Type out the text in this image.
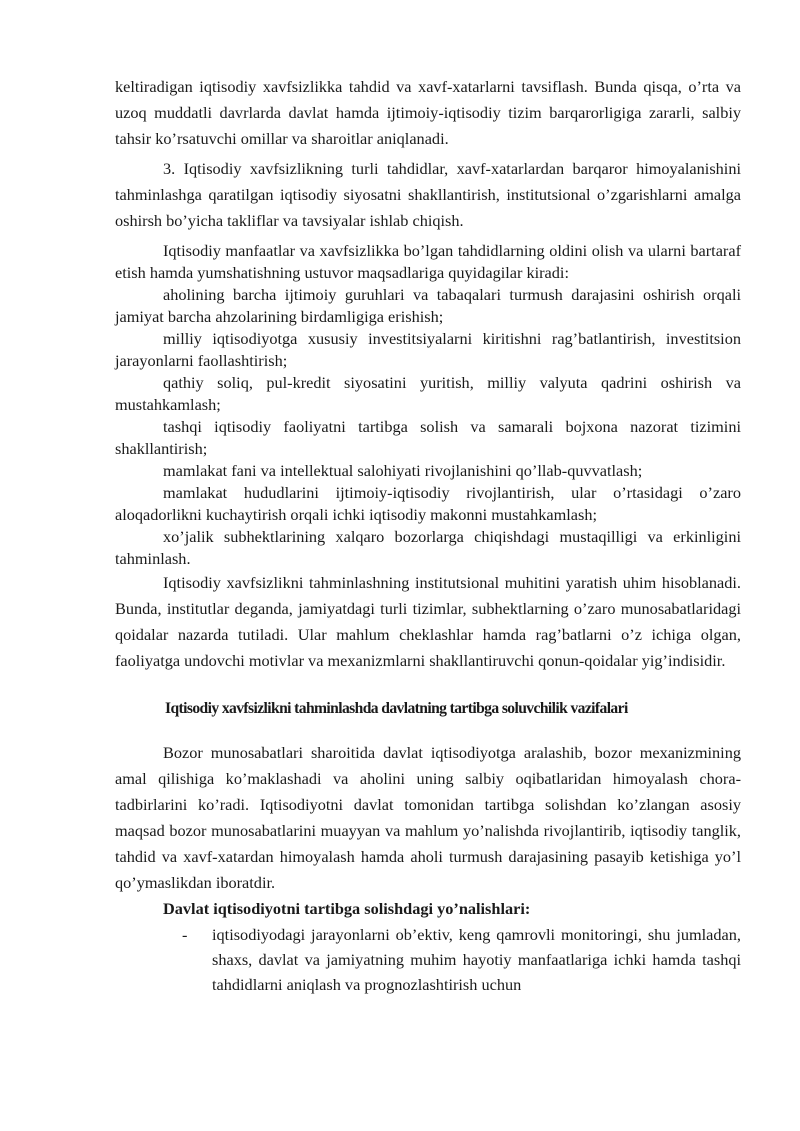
keltiradigan iqtisodiy xavfsizlikka tahdid va xavf-xatarlarni tavsiflash. Bunda qisqa, o’rta va uzoq muddatli davrlarda davlat hamda ijtimoiy-iqtisodiy tizim barqarorligiga zararli, salbiy tahsir ko’rsatuvchi omillar va sharoitlar aniqlanadi.

3. Iqtisodiy xavfsizlikning turli tahdidlar, xavf-xatarlardan barqaror himoyalanishini tahminlashga qaratilgan iqtisodiy siyosatni shakllantirish, institutsional o’zgarishlarni amalga oshirsh bo’yicha takliflar va tavsiyalar ishlab chiqish.

Iqtisodiy manfaatlar va xavfsizlikka bo’lgan tahdidlarning oldini olish va ularni bartaraf etish hamda yumshatishning ustuvor maqsadlariga quyidagilar kiradi:

aholining barcha ijtimoiy guruhlari va tabaqalari turmush darajasini oshirish orqali jamiyat barcha ahzolarining birdamligiga erishish;

milliy iqtisodiyotga xususiy investitsiyalarni kiritishni rag’batlantirish, investitsion jarayonlarni faollashtirish;

qathiy soliq, pul-kredit siyosatini yuritish, milliy valyuta qadrini oshirish va mustahkamlash;

tashqi iqtisodiy faoliyatni tartibga solish va samarali bojxona nazorat tizimini shakllantirish;

mamlakat fani va intellektual salohiyati rivojlanishini qo’llab-quvvatlash;

mamlakat hududlarini ijtimoiy-iqtisodiy rivojlantirish, ular o’rtasidagi o’zaro aloqadorlikni kuchaytirish orqali ichki iqtisodiy makonni mustahkamlash;

xo’jalik subhektlarining xalqaro bozorlarga chiqishdagi mustaqilligi va erkinligini tahminlash.

Iqtisodiy xavfsizlikni tahminlashning institutsional muhitini yaratish uhim hisoblanadi. Bunda, institutlar deganda, jamiyatdagi turli tizimlar, subhektlarning o’zaro munosabatlaridagi qoidalar nazarda tutiladi. Ular mahlum cheklashlar hamda rag’batlarni o’z ichiga olgan, faoliyatga undovchi motivlar va mexanizmlarni shakllantiruvchi qonun-qoidalar yig’indisidir.

Iqtisodiy xavfsizlikni tahminlashda davlatning tartibga soluvchilik vazifalari

Bozor munosabatlari sharoitida davlat iqtisodiyotga aralashib, bozor mexanizmining amal qilishiga ko’maklashadi va aholini uning salbiy oqibatlaridan himoyalash chora-tadbirlarini ko’radi. Iqtisodiyotni davlat tomonidan tartibga solishdan ko’zlangan asosiy maqsad bozor munosabatlarini muayyan va mahlum yo’nalishda rivojlantirib, iqtisodiy tanglik, tahdid va xavf-xatardan himoyalash hamda aholi turmush darajasining pasayib ketishiga yo’l qo’ymaslikdan iboratdir.

Davlat iqtisodiyotni tartibga solishdagi yo’nalishlari:
- iqtisodiyodagi jarayonlarni ob’ektiv, keng qamrovli monitoringi, shu jumladan, shaxs, davlat va jamiyatning muhim hayotiy manfaatlariga ichki hamda tashqi tahdidlarni aniqlash va prognozlashtirish uchun
